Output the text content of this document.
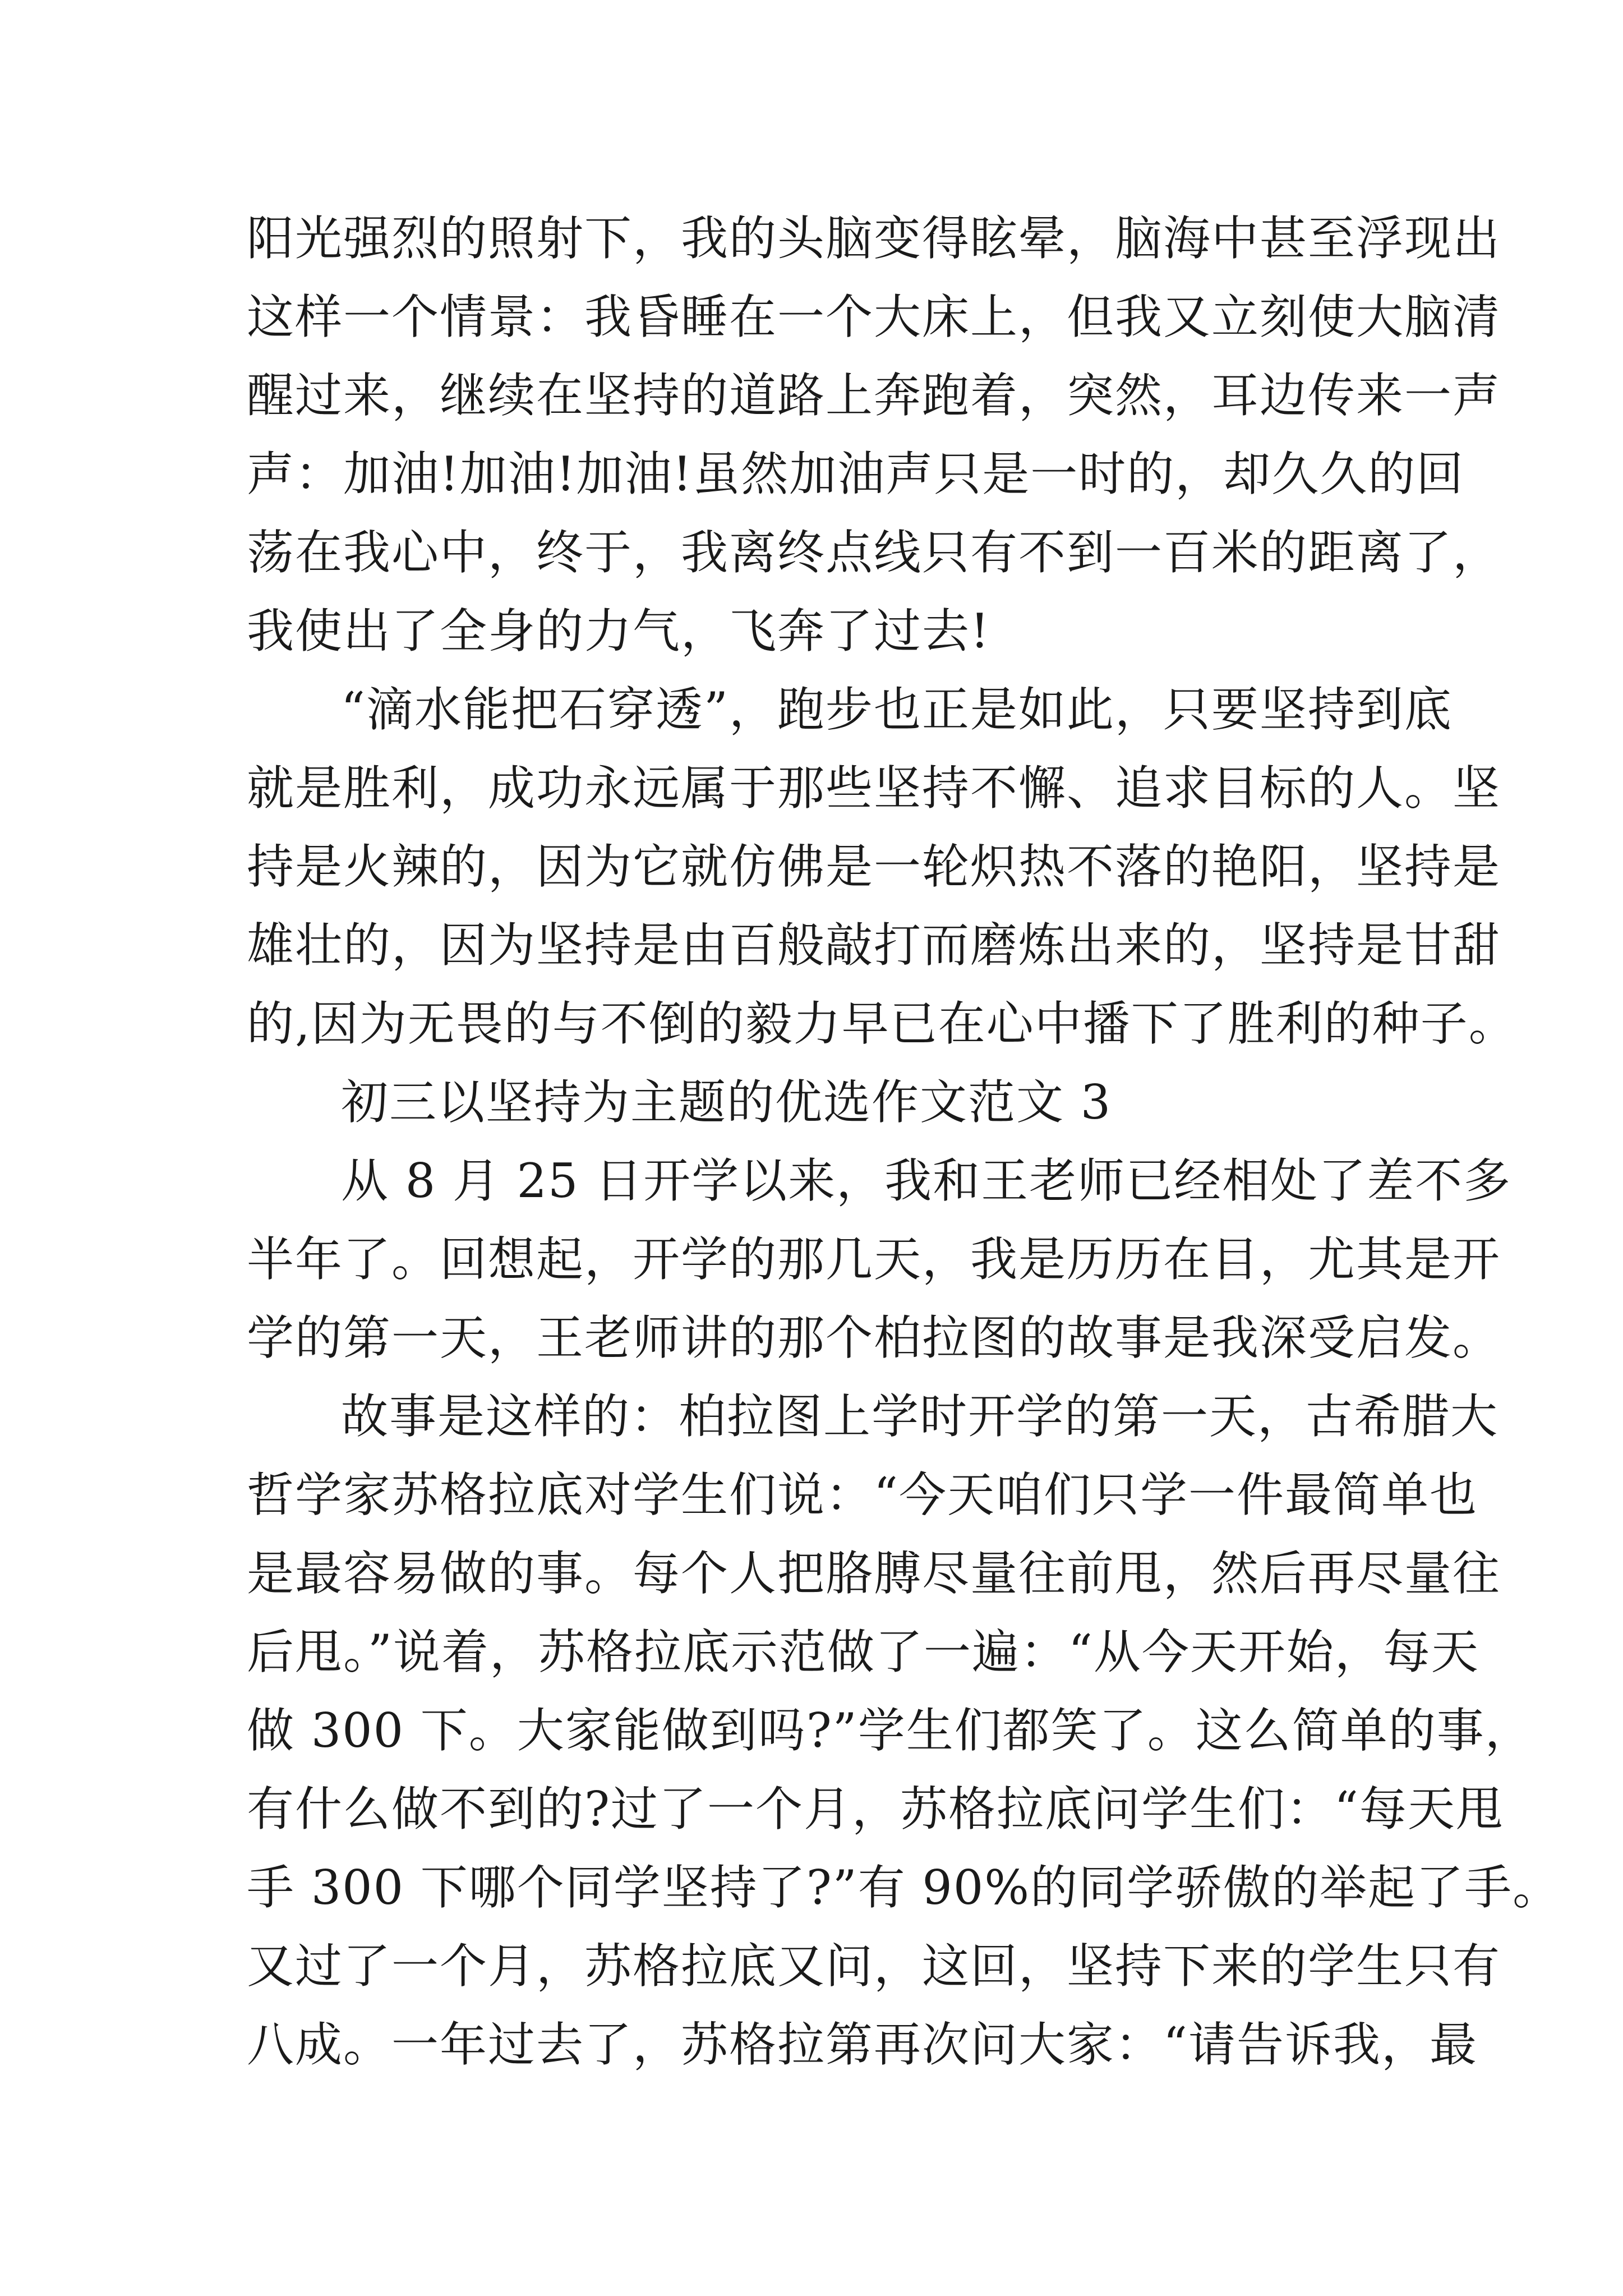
阳光强烈的照射下，我的头脑变得眩晕，脑海中甚至浮现出
这样一个情景：我昏睡在一个大床上，但我又立刻使大脑清
醒过来，继续在坚持的道路上奔跑着，突然，耳边传来一声
声：加油!加油!加油!虽然加油声只是一时的，却久久的回
荡在我心中，终于，我离终点线只有不到一百米的距离了，
我使出了全身的力气，飞奔了过去!
“滴水能把石穿透”，跑步也正是如此，只要坚持到底
就是胜利，成功永远属于那些坚持不懈、追求目标的人。坚
持是火辣的，因为它就仿佛是一轮炽热不落的艳阳，坚持是
雄壮的，因为坚持是由百般敲打而磨炼出来的，坚持是甘甜
的,因为无畏的与不倒的毅力早已在心中播下了胜利的种子。
初三以坚持为主题的优选作文范文 3
从 8 月 25 日开学以来，我和王老师已经相处了差不多
半年了。回想起，开学的那几天，我是历历在目，尤其是开
学的第一天，王老师讲的那个柏拉图的故事是我深受启发。
故事是这样的：柏拉图上学时开学的第一天，古希腊大
哲学家苏格拉底对学生们说：“今天咱们只学一件最简单也
是最容易做的事。每个人把胳膊尽量往前甩，然后再尽量往
后甩。”说着，苏格拉底示范做了一遍：“从今天开始，每天
做 300 下。大家能做到吗?”学生们都笑了。这么简单的事，
有什么做不到的?过了一个月，苏格拉底问学生们：“每天甩
手 300 下哪个同学坚持了?”有 90%的同学骄傲的举起了手。
又过了一个月，苏格拉底又问，这回，坚持下来的学生只有
八成。一年过去了，苏格拉第再次问大家：“请告诉我，最
